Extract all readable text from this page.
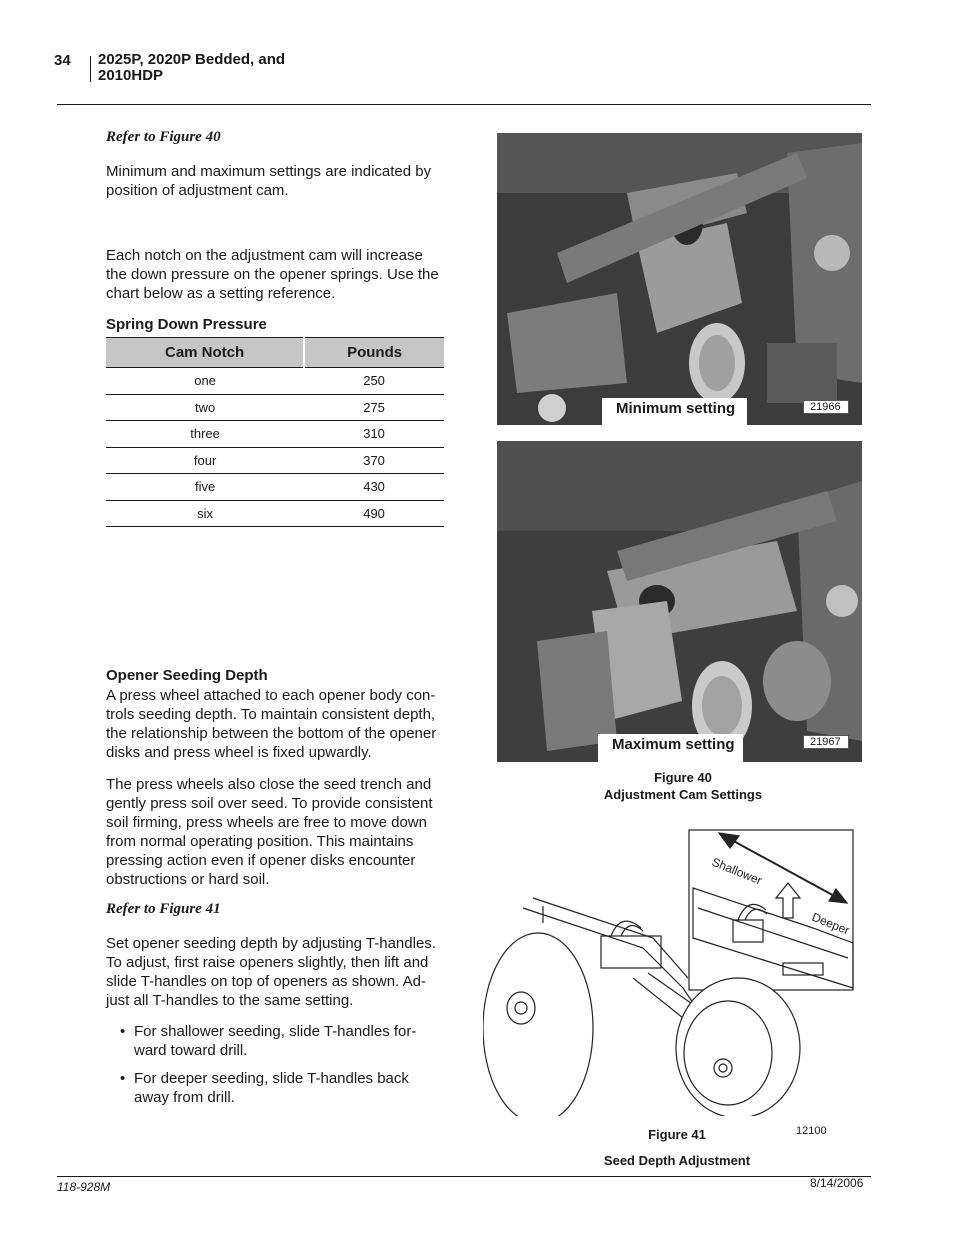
34 2025P, 2020P Bedded, and
2010HDP
Refer to Figure 40
Minimum and maximum settings are indicated by position of adjustment cam.
Each notch on the adjustment cam will increase the down pressure on the opener springs. Use the chart below as a setting reference.
Spring Down Pressure
Cam Notch	Pounds
one	250
two	275
three	310
four	370
five	430
six	490
Opener Seeding Depth
A press wheel attached to each opener body con-trols seeding depth. To maintain consistent depth, the relationship between the bottom of the opener disks and press wheel is fixed upwardly.
The press wheels also close the seed trench and gently press soil over seed. To provide consistent soil firming, press wheels are free to move down from normal operating position. This maintains pressing action even if opener disks encounter obstructions or hard soil.
Refer to Figure 41
Set opener seeding depth by adjusting T-handles. To adjust, first raise openers slightly, then lift and slide T-handles on top of openers as shown. Ad-just all T-handles to the same setting.
• For shallower seeding, slide T-handles for-ward toward drill.
• For deeper seeding, slide T-handles back away from drill.
Minimum setting	21966
Maximum setting	21967
Figure 40
Adjustment Cam Settings
Shallower
Deeper
12100
Figure 41
Seed Depth Adjustment
118-928M	8/14/2006
